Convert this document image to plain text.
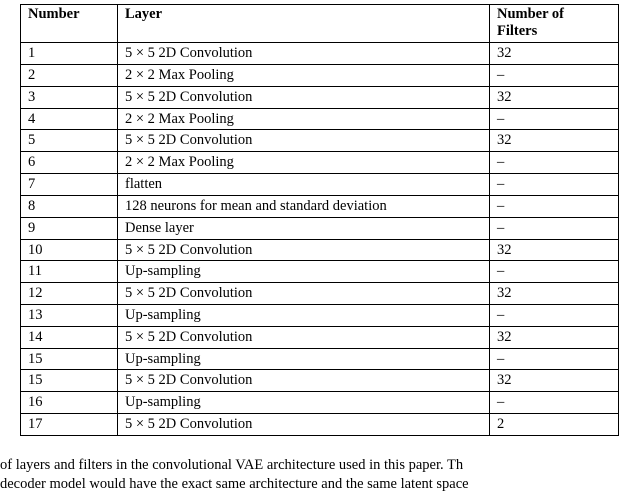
Number	Layer	Number of
Filters
1	5 × 5 2D Convolution	32
2	2 × 2 Max Pooling	–
3	5 × 5 2D Convolution	32
4	2 × 2 Max Pooling	–
5	5 × 5 2D Convolution	32
6	2 × 2 Max Pooling	–
7	flatten	–
8	128 neurons for mean and standard deviation	–
9	Dense layer	–
10	5 × 5 2D Convolution	32
11	Up-sampling	–
12	5 × 5 2D Convolution	32
13	Up-sampling	–
14	5 × 5 2D Convolution	32
15	Up-sampling	–
15	5 × 5 2D Convolution	32
16	Up-sampling	–
17	5 × 5 2D Convolution	2
of layers and filters in the convolutional VAE architecture used in this paper. Th
decoder model would have the exact same architecture and the same latent space
